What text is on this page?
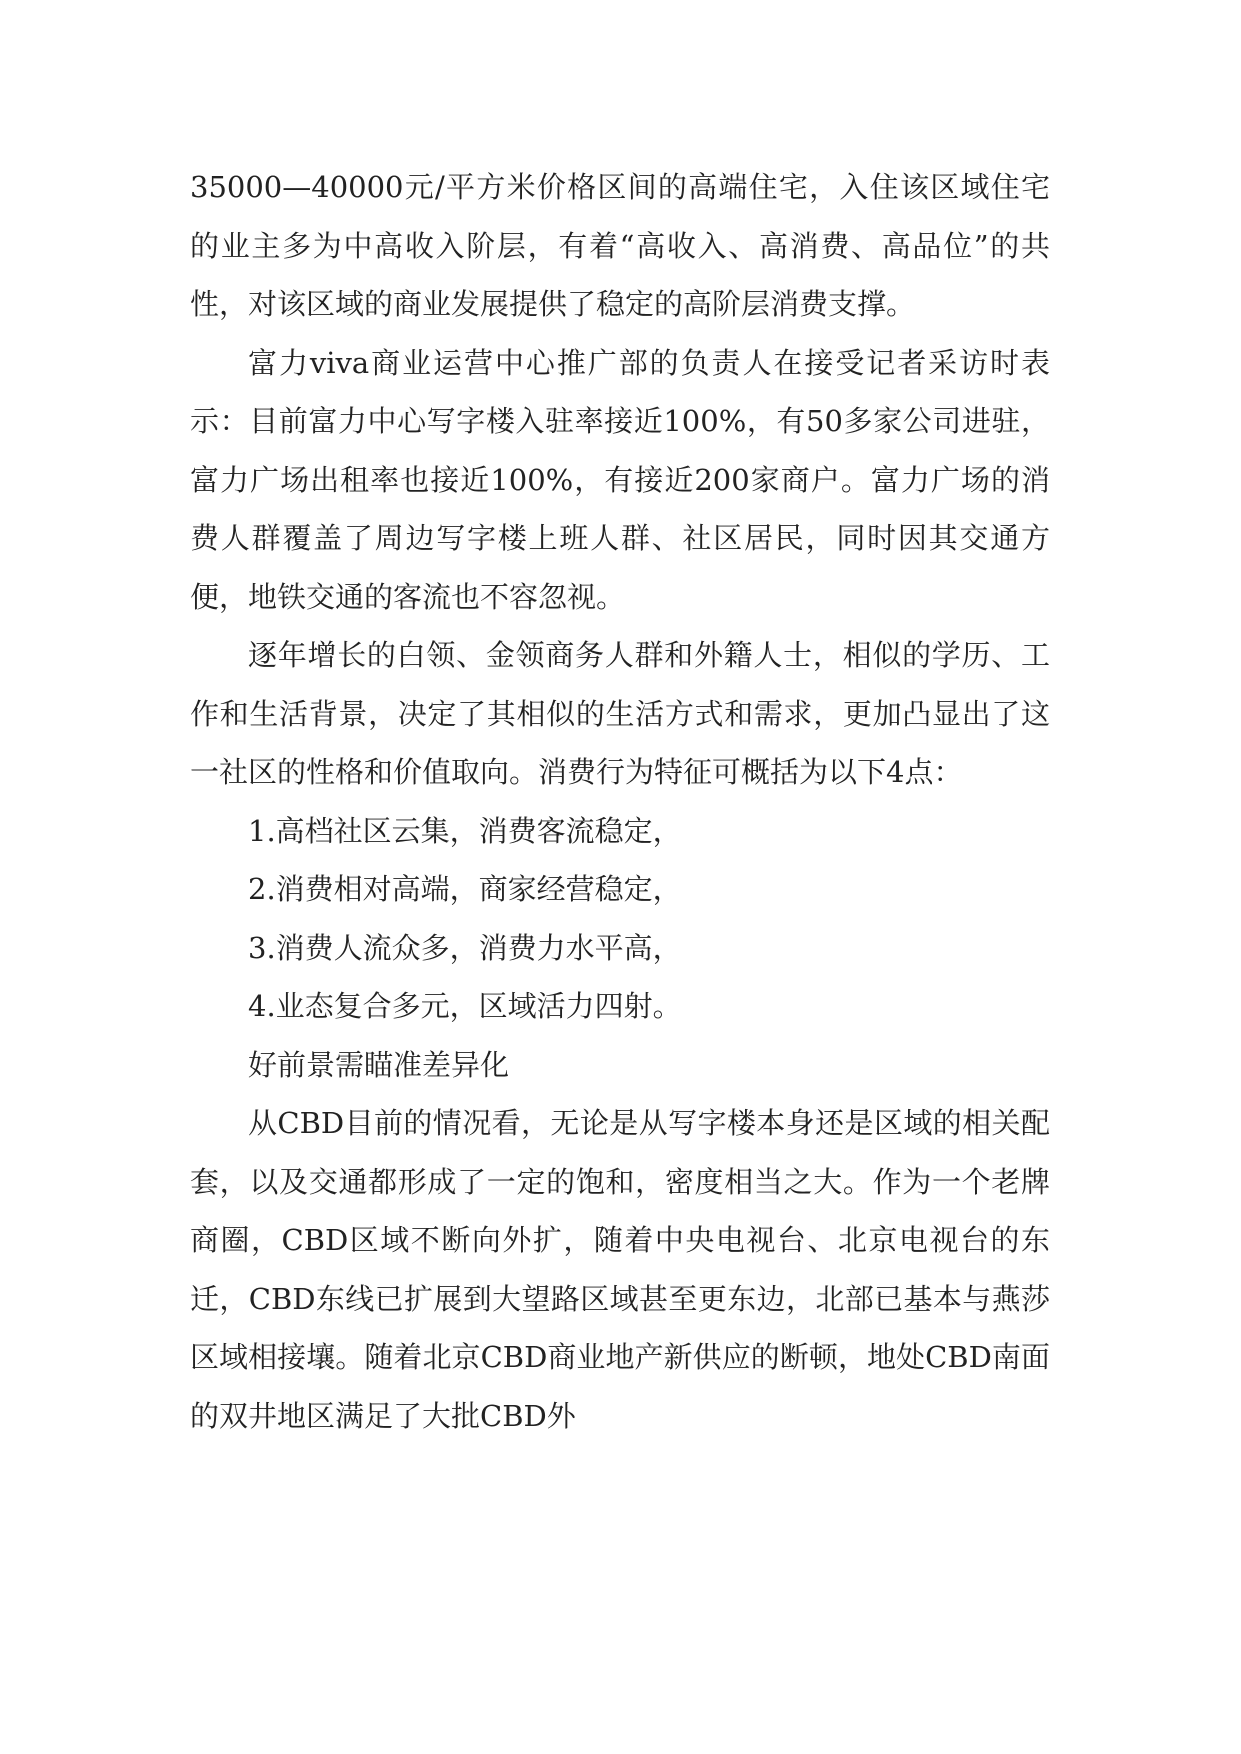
35000—40000元/平方米价格区间的高端住宅，入住该区域住宅的业主多为中高收入阶层，有着“高收入、高消费、高品位”的共性，对该区域的商业发展提供了稳定的高阶层消费支撑。

富力viva商业运营中心推广部的负责人在接受记者采访时表示：目前富力中心写字楼入驻率接近100%，有50多家公司进驻，富力广场出租率也接近100%，有接近200家商户。富力广场的消费人群覆盖了周边写字楼上班人群、社区居民，同时因其交通方便，地铁交通的客流也不容忽视。

逐年增长的白领、金领商务人群和外籍人士，相似的学历、工作和生活背景，决定了其相似的生活方式和需求，更加凸显出了这一社区的性格和价值取向。消费行为特征可概括为以下4点：

1.高档社区云集，消费客流稳定，

2.消费相对高端，商家经营稳定，

3.消费人流众多，消费力水平高，

4.业态复合多元，区域活力四射。

好前景需瞄准差异化

从CBD目前的情况看，无论是从写字楼本身还是区域的相关配套，以及交通都形成了一定的饱和，密度相当之大。作为一个老牌商圈，CBD区域不断向外扩，随着中央电视台、北京电视台的东迁，CBD东线已扩展到大望路区域甚至更东边，北部已基本与燕莎区域相接壤。随着北京CBD商业地产新供应的断顿，地处CBD南面的双井地区满足了大批CBD外
